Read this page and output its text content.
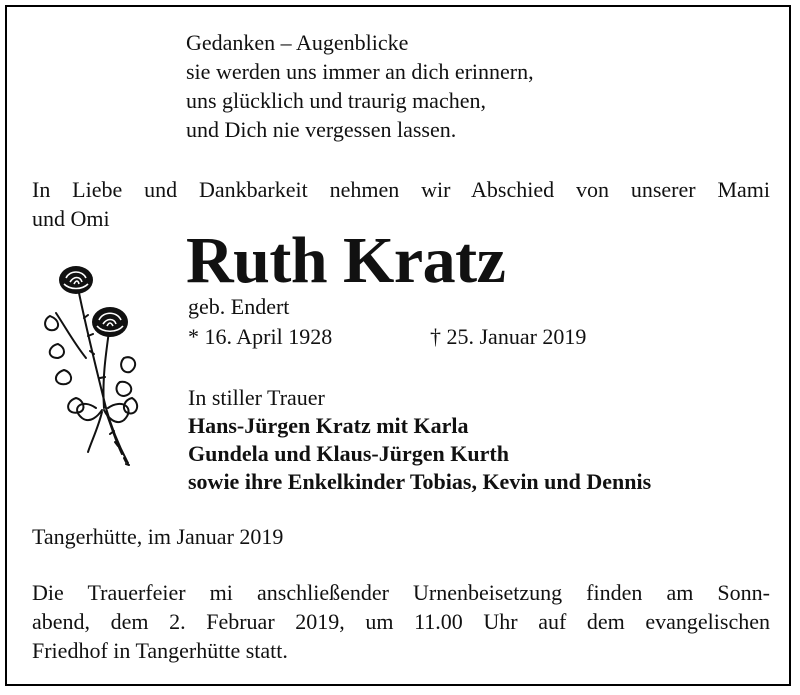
Gedanken – Augenblicke
sie werden uns immer an dich erinnern,
uns glücklich und traurig machen,
und Dich nie vergessen lassen.
In Liebe und Dankbarkeit nehmen wir Abschied von unserer Mami
und Omi
Ruth Kratz
geb. Endert
* 16. April 1928	† 25. Januar 2019
In stiller Trauer
Hans-Jürgen Kratz mit Karla
Gundela und Klaus-Jürgen Kurth
sowie ihre Enkelkinder Tobias, Kevin und Dennis
Tangerhütte, im Januar 2019
Die Trauerfeier mi anschließender Urnenbeisetzung finden am Sonn-
abend, dem 2. Februar 2019, um 11.00 Uhr auf dem evangelischen
Friedhof in Tangerhütte statt.
